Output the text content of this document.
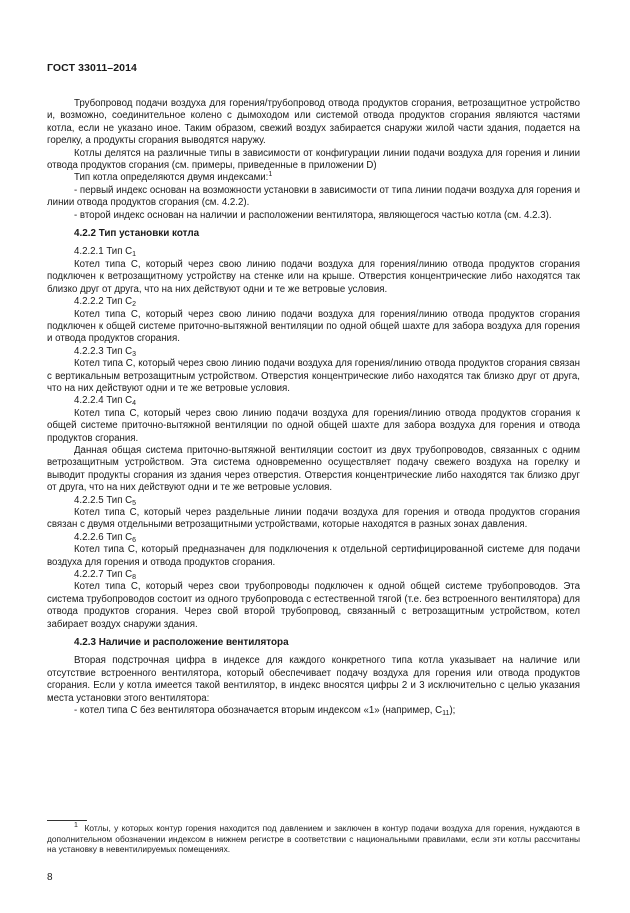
ГОСТ 33011–2014

Трубопровод подачи воздуха для горения/трубопровод отвода продуктов сгорания, ветрозащитное устройство и, возможно, соединительное колено с дымоходом или системой отвода продуктов сгорания являются частями котла, если не указано иное. Таким образом, свежий воздух забирается снаружи жилой части здания, подается на горелку, а продукты сгорания выводятся наружу.

Котлы делятся на различные типы в зависимости от конфигурации линии подачи воздуха для горения и линии отвода продуктов сгорания (см. примеры, приведенные в приложении D)

Тип котла определяются двумя индексами:$^1$

- первый индекс основан на возможности установки в зависимости от типа линии подачи воздуха для горения и линии отвода продуктов сгорания (см. 4.2.2).

- второй индекс основан на наличии и расположении вентилятора, являющегося частью котла (см. 4.2.3).

4.2.2 Тип установки котла

4.2.2.1 Тип $C_1$

Котел типа С, который через свою линию подачи воздуха для горения/линию отвода продуктов сгорания подключен к ветрозащитному устройству на стенке или на крыше. Отверстия концентрические либо находятся так близко друг от друга, что на них действуют одни и те же ветровые условия.

4.2.2.2 Тип $C_2$

Котел типа С, который через свою линию подачи воздуха для горения/линию отвода продуктов сгорания подключен к общей системе приточно-вытяжной вентиляции по одной общей шахте для забора воздуха для горения и отвода продуктов сгорания.

4.2.2.3 Тип $C_3$

Котел типа С, который через свою линию подачи воздуха для горения/линию отвода продуктов сгорания связан с вертикальным ветрозащитным устройством. Отверстия концентрические либо находятся так близко друг от друга, что на них действуют одни и те же ветровые условия.

4.2.2.4 Тип $C_4$

Котел типа С, который через свою линию подачи воздуха для горения/линию отвода продуктов сгорания к общей системе приточно-вытяжной вентиляции по одной общей шахте для забора воздуха для горения и отвода продуктов сгорания.

Данная общая система приточно-вытяжной вентиляции состоит из двух трубопроводов, связанных с одним ветрозащитным устройством. Эта система одновременно осуществляет подачу свежего воздуха на горелку и выводит продукты сгорания из здания через отверстия. Отверстия концентрические либо находятся так близко друг от друга, что на них действуют одни и те же ветровые условия.

4.2.2.5 Тип $C_5$

Котел типа С, который через раздельные линии подачи воздуха для горения и отвода продуктов сгорания связан с двумя отдельными ветрозащитными устройствами, которые находятся в разных зонах давления.

4.2.2.6 Тип $C_6$

Котел типа С, который предназначен для подключения к отдельной сертифицированной системе для подачи воздуха для горения и отвода продуктов сгорания.

4.2.2.7 Тип $C_8$

Котел типа С, который через свои трубопроводы подключен к одной общей системе трубопроводов. Эта система трубопроводов состоит из одного трубопровода с естественной тягой (т.е. без встроенного вентилятора) для отвода продуктов сгорания. Через свой второй трубопровод, связанный с ветрозащитным устройством, котел забирает воздух снаружи здания.

4.2.3 Наличие и расположение вентилятора

Вторая подстрочная цифра в индексе для каждого конкретного типа котла указывает на наличие или отсутствие встроенного вентилятора, который обеспечивает подачу воздуха для горения или отвода продуктов сгорания. Если у котла имеется такой вентилятор, в индекс вносятся цифры 2 и 3 исключительно с целью указания места установки этого вентилятора:

- котел типа С без вентилятора обозначается вторым индексом «1» (например, $C_{11}$);

$^1$ Котлы, у которых контур горения находится под давлением и заключен в контур подачи воздуха для горения, нуждаются в дополнительном обозначении индексом в нижнем регистре в соответствии с национальными правилами, если эти котлы рассчитаны на установку в невентилируемых помещениях.

8
